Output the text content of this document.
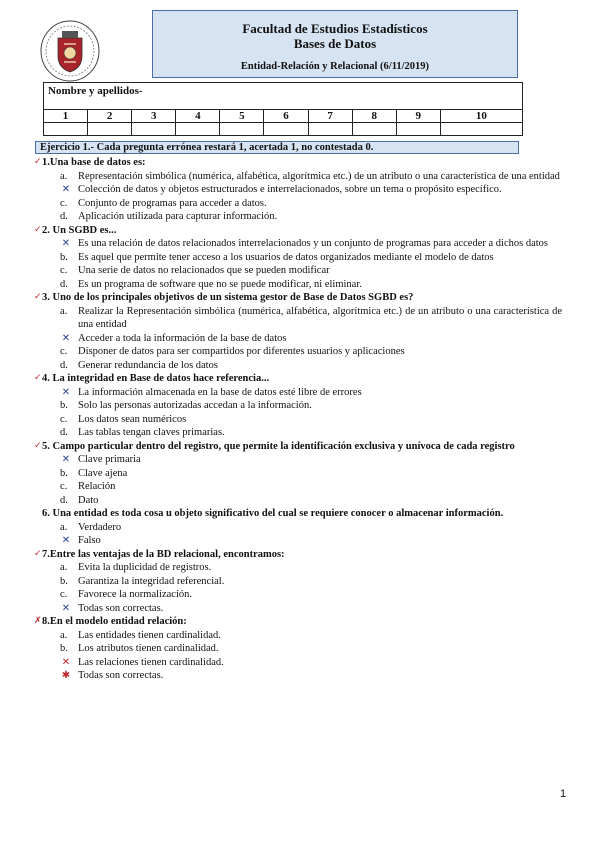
Facultad de Estudios Estadísticos
Bases de Datos
Entidad-Relación y Relacional (6/11/2019)
Nombre y apellidos-									
1	2	3	4	5	6	7	8	9	10

Ejercicio 1.- Cada pregunta errónea restará 1, acertada 1, no contestada 0.
✓ 1.Una base de datos es:
a.	Representación simbólica (numérica, alfabética, algorítmica etc.) de un atributo o una característica de una entidad
✕ Colección de datos y objetos estructurados e interrelacionados, sobre un tema o propósito específico.
c.	Conjunto de programas para acceder a datos.
d. Aplicación utilizada para capturar información.
✓ 2. Un SGBD es...
✕ Es una relación de datos relacionados interrelacionados y un conjunto de programas para acceder a dichos datos
b. Es aquel que permite tener acceso a los usuarios de datos organizados mediante el modelo de datos
c.	Una serie de datos no relacionados que se pueden modificar
d. Es un programa de software que no se puede modificar, ni eliminar.
✓ 3. Uno de los principales objetivos de un sistema gestor de Base de Datos SGBD es?
a.	Realizar la Representación simbólica (numérica, alfabética, algorítmica etc.) de un atributo o una característica de una entidad
✕ Acceder a toda la información de la base de datos
c.	Disponer de datos para ser compartidos por diferentes usuarios y aplicaciones
d. Generar redundancia de los datos
✓ 4. La integridad en Base de datos hace referencia...
✕ La información almacenada en la base de datos esté libre de errores
b. Solo las personas autorizadas accedan a la información.
c.	Los datos sean numéricos
d. Las tablas tengan claves primarias.
✓ 5. Campo particular dentro del registro, que permite la identificación exclusiva y unívoca de cada registro
✕ Clave primaria
b. Clave ajena
c.	Relación
d. Dato
6. Una entidad es toda cosa u objeto significativo del cual se requiere conocer o almacenar información.
a.	Verdadero
✕ Falso
✓ 7.Entre las ventajas de la BD relacional, encontramos:
a.	Evita la duplicidad de registros.
b. Garantiza la integridad referencial.
c.	Favorece la normalización.
✕ Todas son correctas.
✗ 8.En el modelo entidad relación:
a.	Las entidades tienen cardinalidad.
b. Los atributos tienen cardinalidad.
✕ Las relaciones tienen cardinalidad.
✱ Todas son correctas.
1
